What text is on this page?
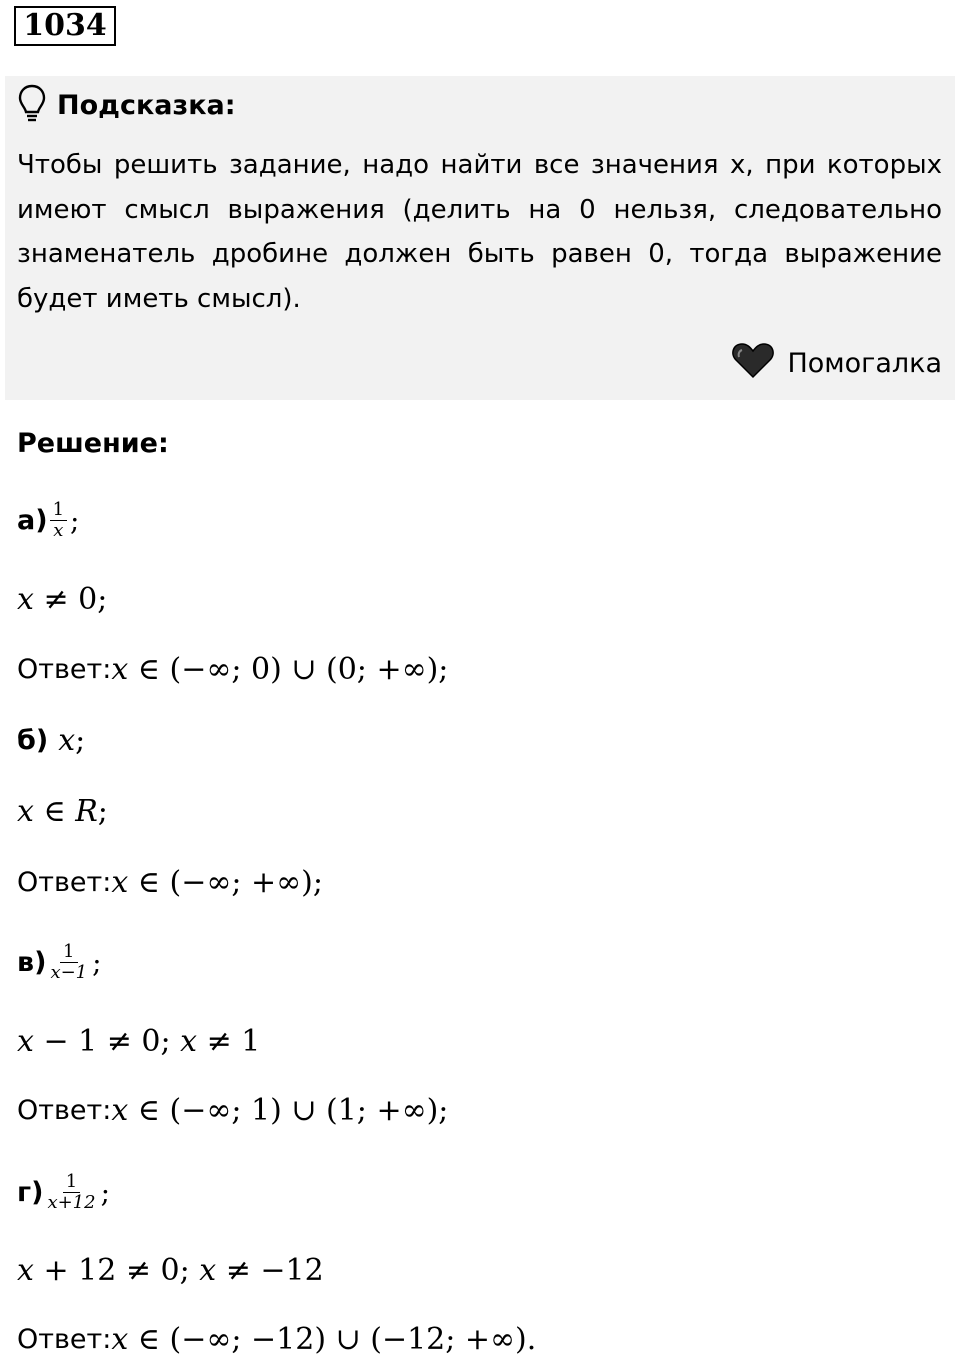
1034
Подсказка:

Чтобы решить задание, надо найти все значения x, при которых имеют смысл выражения (делить на 0 нельзя, следовательно знаменатель дробине должен быть равен 0, тогда выражение будет иметь смысл).

Помогалка
Решение:
$а) \frac{1}{\text{𝑥}}$ ;
𝑥 ≠ 0;
Ответ: 𝑥 ∈ (−∞; 0) ∪ (0; +∞);
б) 𝑥;
𝑥 ∈ 𝑅;
Ответ: 𝑥 ∈ (−∞; +∞);
$в) \frac{1}{\text{𝑥−1}}$ ;
𝑥 − 1 ≠ 0; 𝑥 ≠ 1
Ответ: 𝑥 ∈ (−∞; 1) ∪ (1; +∞);
$г) \frac{1}{\text{𝑥+12}}$ ;
𝑥 + 12 ≠ 0; 𝑥 ≠ −12
Ответ: 𝑥 ∈ (−∞; −12) ∪ (−12; +∞).
